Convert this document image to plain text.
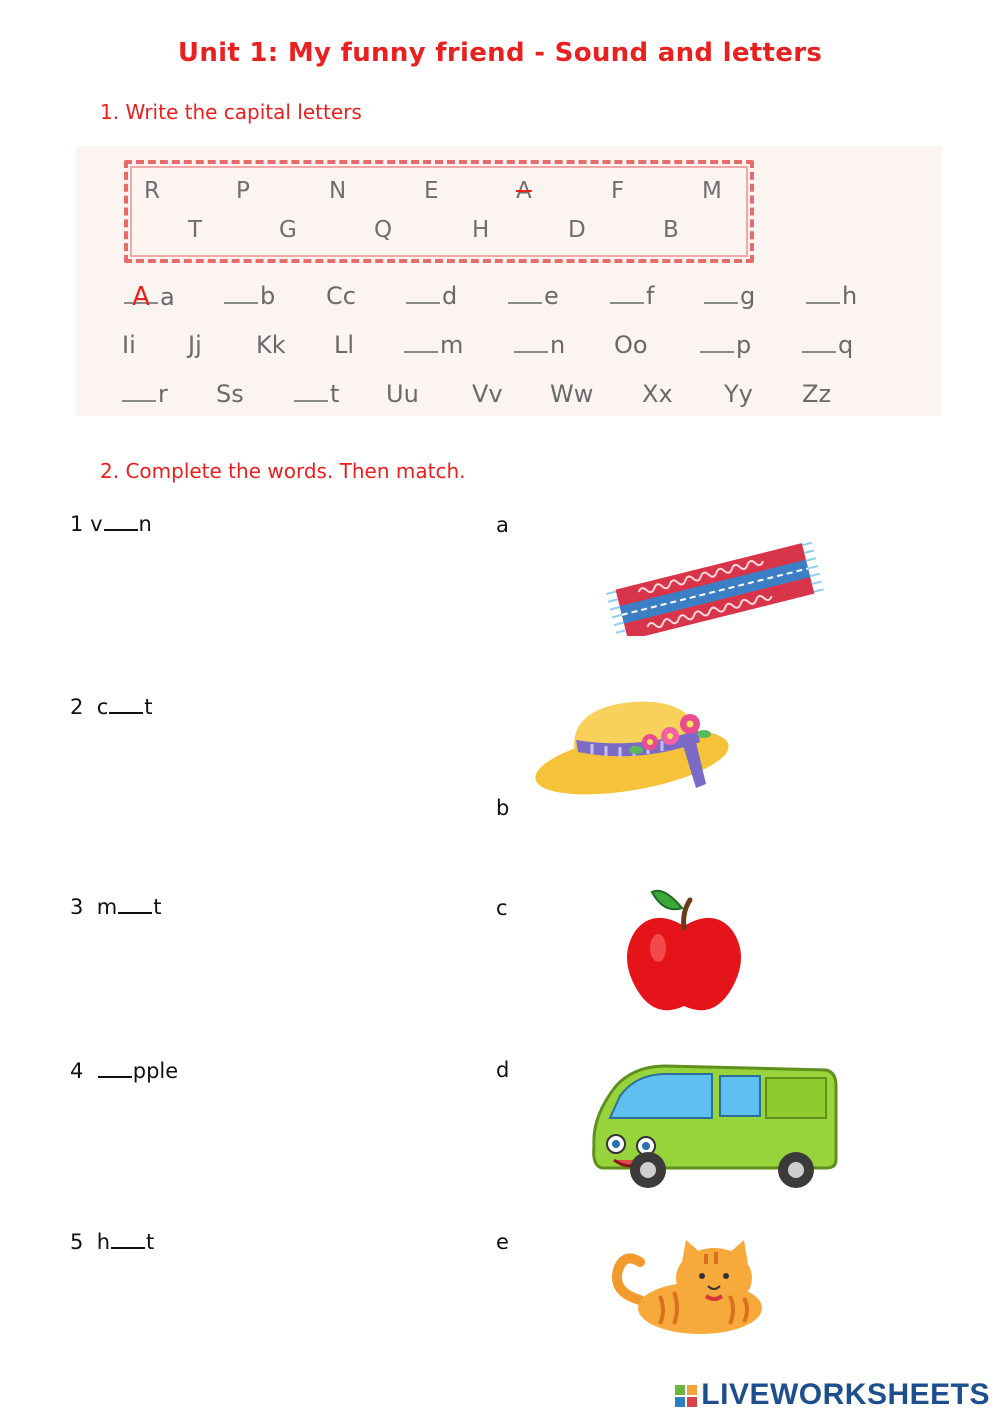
Unit 1: My funny friend - Sound and letters
1. Write the capital letters
R	P	N	E	A	F	M
T	G	Q	H	D	B
A a	b Cc	d	e	f	g	h
Ii Jj Kk Ll	m	n Oo	p	q
r Ss	t Uu Vv Ww Xx Yy Zz
2. Complete the words. Then match.
1 v n
2 c t
3 m t
4 pple
5 h t
a
b
c
d
e
LIVEWORKSHEETS
